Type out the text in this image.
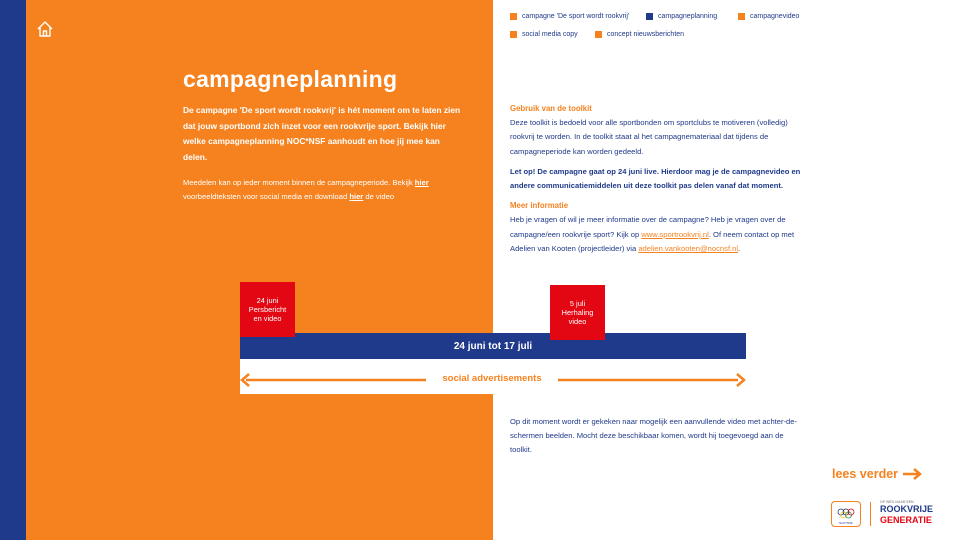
campagneplanning
De campagne 'De sport wordt rookvrij' is hét moment om te laten zien dat jouw sportbond zich inzet voor een rookvrije sport. Bekijk hier welke campagneplanning NOC*NSF aanhoudt en hoe jij mee kan delen.
Meedelen kan op ieder moment binnen de campagneperiode. Bekijk hier voorbeeldteksten voor social media en download hier de video
campagne 'De sport wordt rookvrij'	campagneplanning	campagnevideo
social media copy	concept nieuwsberichten
Gebruik van de toolkit
Deze toolkit is bedoeld voor alle sportbonden om sportclubs te motiveren (volledig) rookvrij te worden. In de toolkit staat al het campagnemateriaal dat tijdens de campagneperiode kan worden gedeeld.
Let op! De campagne gaat op 24 juni live. Hierdoor mag je de campagnevideo en andere communicatiemiddelen uit deze toolkit pas delen vanaf dat moment.
Meer informatie
Heb je vragen of wil je meer informatie over de campagne? Heb je vragen over de campagne/een rookvrije sport? Kijk op www.sportrookvrij.nl. Of neem contact op met Adelien van Kooten (projectleider) via adelien.vankooten@nocnsf.nl.
24 juni tot 17 juli
24 juni
Persbericht
en video
5 juli
Herhaling
video
social advertisements
Op dit moment wordt er gekeken naar mogelijk een aanvullende video met achter-de-schermen beelden. Mocht deze beschikbaar komen, wordt hij toegevoegd aan de toolkit.
lees verder
NOC*NSF
OP WEG NAAR EEN
ROOKVRIJE
GENERATIE
